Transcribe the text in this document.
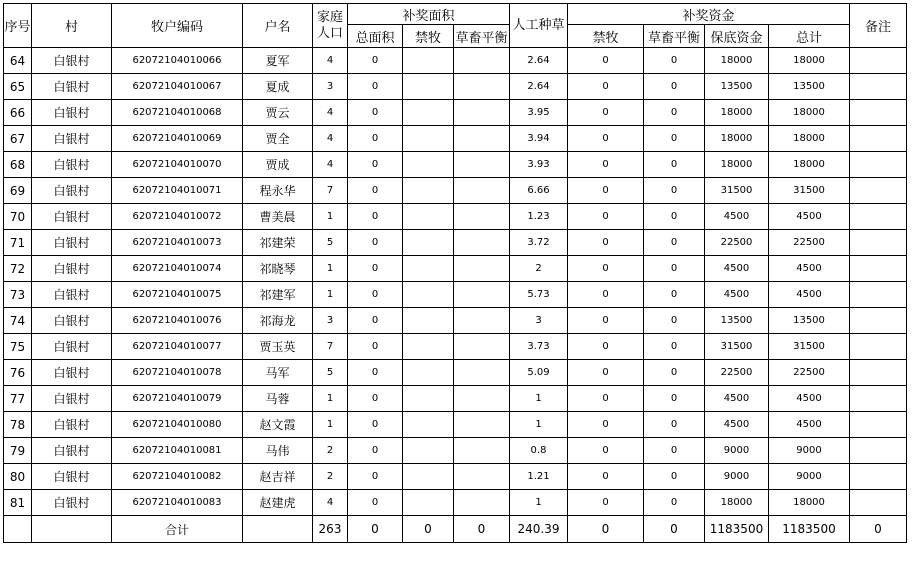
序号	村	牧户编码	户名	家庭人口	补奖面积			人工种草	补奖资金				备注
					总面积	禁牧	草畜平衡		禁牧	草畜平衡	保底资金	总计	
64	白银村	62072104010066	夏军	4	0			2.64	0	0	18000	18000	
65	白银村	62072104010067	夏成	3	0			2.64	0	0	13500	13500	
66	白银村	62072104010068	贾云	4	0			3.95	0	0	18000	18000	
67	白银村	62072104010069	贾全	4	0			3.94	0	0	18000	18000	
68	白银村	62072104010070	贾成	4	0			3.93	0	0	18000	18000	
69	白银村	62072104010071	程永华	7	0			6.66	0	0	31500	31500	
70	白银村	62072104010072	曹美晨	1	0			1.23	0	0	4500	4500	
71	白银村	62072104010073	祁建荣	5	0			3.72	0	0	22500	22500	
72	白银村	62072104010074	祁晓琴	1	0			2	0	0	4500	4500	
73	白银村	62072104010075	祁建军	1	0			5.73	0	0	4500	4500	
74	白银村	62072104010076	祁海龙	3	0			3	0	0	13500	13500	
75	白银村	62072104010077	贾玉英	7	0			3.73	0	0	31500	31500	
76	白银村	62072104010078	马军	5	0			5.09	0	0	22500	22500	
77	白银村	62072104010079	马蓉	1	0			1	0	0	4500	4500	
78	白银村	62072104010080	赵文霞	1	0			1	0	0	4500	4500	
79	白银村	62072104010081	马伟	2	0			0.8	0	0	9000	9000	
80	白银村	62072104010082	赵吉祥	2	0			1.21	0	0	9000	9000	
81	白银村	62072104010083	赵建虎	4	0			1	0	0	18000	18000	
		合计		263	0	0	0	240.39	0	0	1183500	1183500	0
